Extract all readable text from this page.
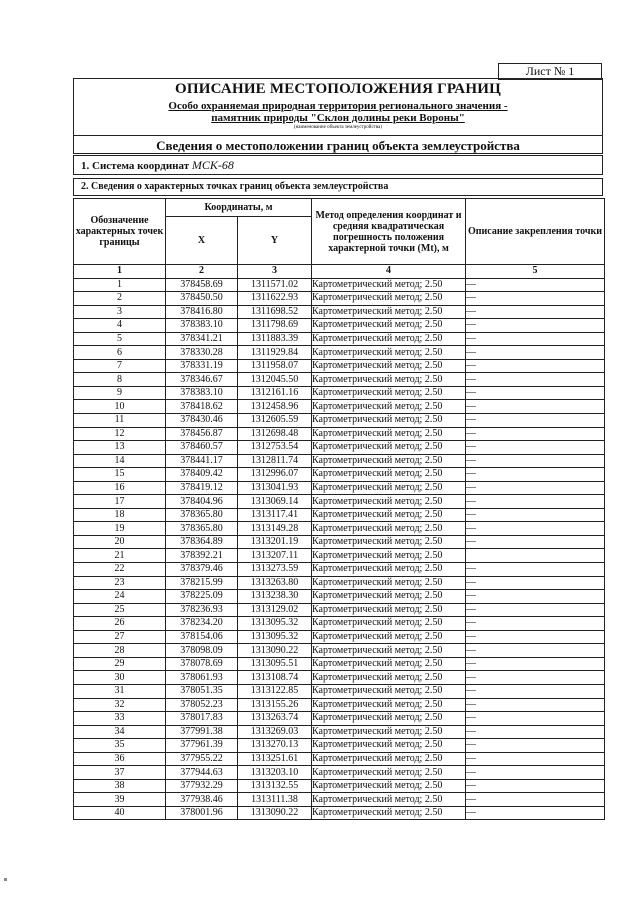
Лист № 1
ОПИСАНИЕ МЕСТОПОЛОЖЕНИЯ ГРАНИЦ
Особо охраняемая природная территория регионального значения -
памятник природы "Склон долины реки Вороны"
(наименование объекта землеустройства)
Сведения о местоположении границ объекта землеустройства
1. Система координат МСК-68
2. Сведения о характерных точках границ объекта землеустройства
Обозначение характерных точек границы	Координаты, м		Метод определения координат и средняя квадратическая погрешность положения характерной точки (Mt), м	Описание закрепления точки
	X	Y		
1	2	3	4	5
1	378458.69	1311571.02	Картометрический метод; 2.50	—
2	378450.50	1311622.93	Картометрический метод; 2.50	—
3	378416.80	1311698.52	Картометрический метод; 2.50	—
4	378383.10	1311798.69	Картометрический метод; 2.50	—
5	378341.21	1311883.39	Картометрический метод; 2.50	—
6	378330.28	1311929.84	Картометрический метод; 2.50	—
7	378331.19	1311958.07	Картометрический метод; 2.50	—
8	378346.67	1312045.50	Картометрический метод; 2.50	—
9	378383.10	1312161.16	Картометрический метод; 2.50	—
10	378418.62	1312458.96	Картометрический метод; 2.50	—
11	378430.46	1312605.59	Картометрический метод; 2.50	—
12	378456.87	1312698.48	Картометрический метод; 2.50	—
13	378460.57	1312753.54	Картометрический метод; 2.50	—
14	378441.17	1312811.74	Картометрический метод; 2.50	—
15	378409.42	1312996.07	Картометрический метод; 2.50	—
16	378419.12	1313041.93	Картометрический метод; 2.50	—
17	378404.96	1313069.14	Картометрический метод; 2.50	—
18	378365.80	1313117.41	Картометрический метод; 2.50	—
19	378365.80	1313149.28	Картометрический метод; 2.50	—
20	378364.89	1313201.19	Картометрический метод; 2.50	—
21	378392.21	1313207.11	Картометрический метод; 2.50	
22	378379.46	1313273.59	Картометрический метод; 2.50	—
23	378215.99	1313263.80	Картометрический метод; 2.50	—
24	378225.09	1313238.30	Картометрический метод; 2.50	—
25	378236.93	1313129.02	Картометрический метод; 2.50	—
26	378234.20	1313095.32	Картометрический метод; 2.50	—
27	378154.06	1313095.32	Картометрический метод; 2.50	—
28	378098.09	1313090.22	Картометрический метод; 2.50	—
29	378078.69	1313095.51	Картометрический метод; 2.50	—
30	378061.93	1313108.74	Картометрический метод; 2.50	—
31	378051.35	1313122.85	Картометрический метод; 2.50	—
32	378052.23	1313155.26	Картометрический метод; 2.50	—
33	378017.83	1313263.74	Картометрический метод; 2.50	—
34	377991.38	1313269.03	Картометрический метод; 2.50	—
35	377961.39	1313270.13	Картометрический метод; 2.50	—
36	377955.22	1313251.61	Картометрический метод; 2.50	—
37	377944.63	1313203.10	Картометрический метод; 2.50	—
38	377932.29	1313132.55	Картометрический метод; 2.50	—
39	377938.46	1313111.38	Картометрический метод; 2.50	—
40	378001.96	1313090.22	Картометрический метод; 2.50	—
